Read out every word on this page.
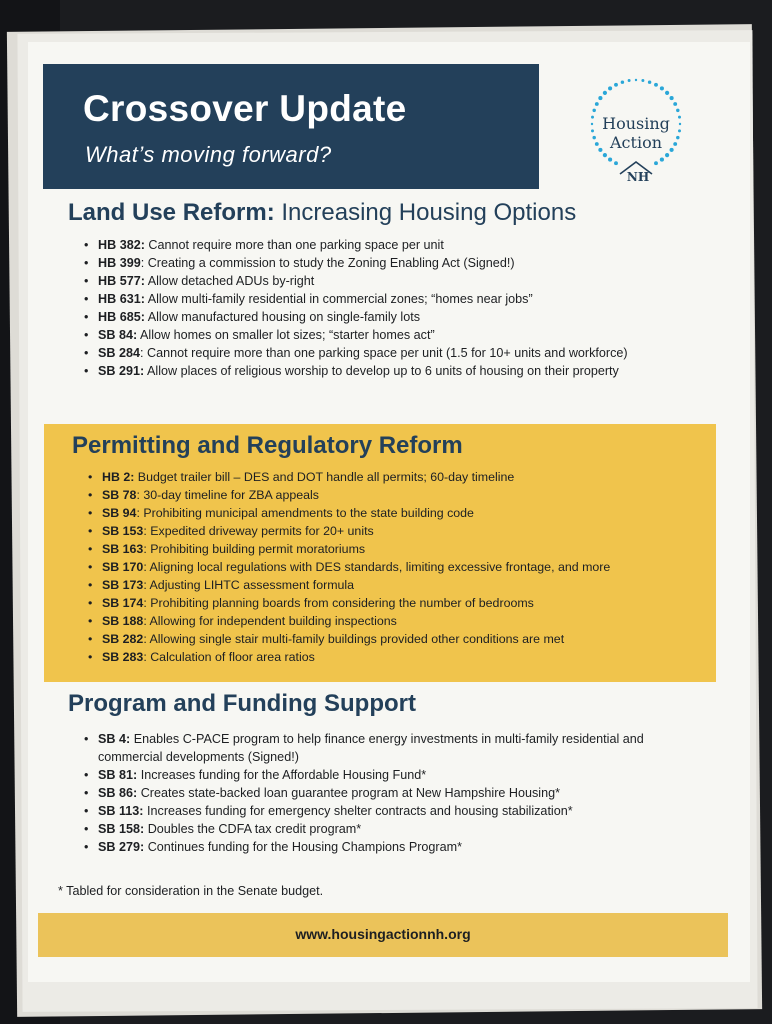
Crossover Update
What’s moving forward?
Housing
Action
NH
Land Use Reform: Increasing Housing Options
• HB 382: Cannot require more than one parking space per unit
• HB 399: Creating a commission to study the Zoning Enabling Act (Signed!)
• HB 577: Allow detached ADUs by-right
• HB 631: Allow multi-family residential in commercial zones; “homes near jobs”
• HB 685: Allow manufactured housing on single-family lots
• SB 84: Allow homes on smaller lot sizes; “starter homes act”
• SB 284: Cannot require more than one parking space per unit (1.5 for 10+ units and workforce)
• SB 291: Allow places of religious worship to develop up to 6 units of housing on their property
Permitting and Regulatory Reform
• HB 2: Budget trailer bill – DES and DOT handle all permits; 60-day timeline
• SB 78: 30-day timeline for ZBA appeals
• SB 94: Prohibiting municipal amendments to the state building code
• SB 153: Expedited driveway permits for 20+ units
• SB 163: Prohibiting building permit moratoriums
• SB 170: Aligning local regulations with DES standards, limiting excessive frontage, and more
• SB 173: Adjusting LIHTC assessment formula
• SB 174: Prohibiting planning boards from considering the number of bedrooms
• SB 188: Allowing for independent building inspections
• SB 282: Allowing single stair multi-family buildings provided other conditions are met
• SB 283: Calculation of floor area ratios
Program and Funding Support
• SB 4: Enables C-PACE program to help finance energy investments in multi-family residential and commercial developments (Signed!)
• SB 81: Increases funding for the Affordable Housing Fund*
• SB 86: Creates state-backed loan guarantee program at New Hampshire Housing*
• SB 113: Increases funding for emergency shelter contracts and housing stabilization*
• SB 158: Doubles the CDFA tax credit program*
• SB 279: Continues funding for the Housing Champions Program*
* Tabled for consideration in the Senate budget.
www.housingactionnh.org
